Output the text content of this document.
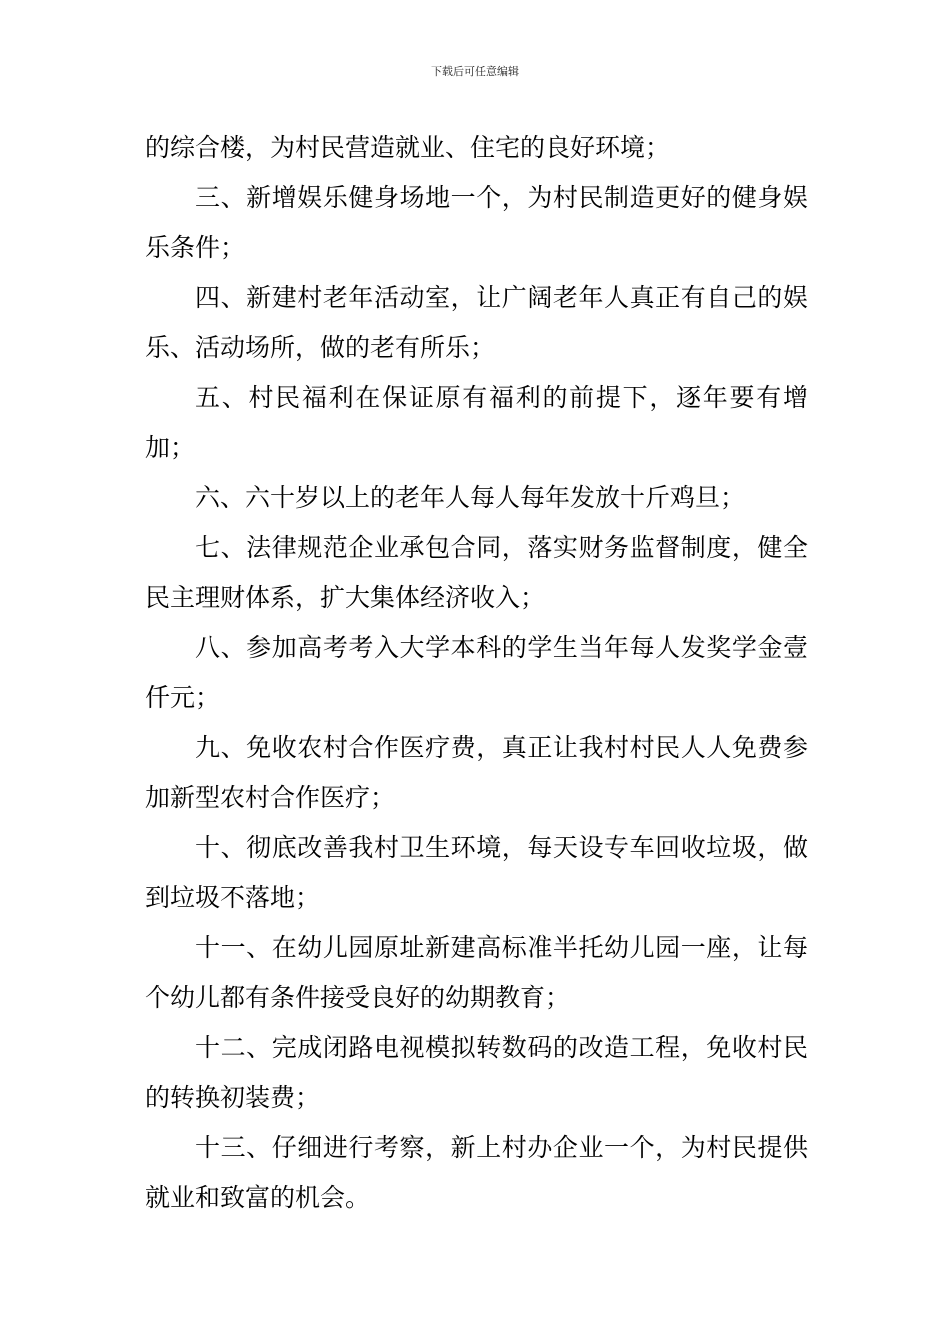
下载后可任意编辑

的综合楼，为村民营造就业、住宅的良好环境；

三、新增娱乐健身场地一个，为村民制造更好的健身娱乐条件；

四、新建村老年活动室，让广阔老年人真正有自己的娱乐、活动场所，做的老有所乐；

五、村民福利在保证原有福利的前提下，逐年要有增加；

六、六十岁以上的老年人每人每年发放十斤鸡旦；

七、法律规范企业承包合同，落实财务监督制度，健全民主理财体系，扩大集体经济收入；

八、参加高考考入大学本科的学生当年每人发奖学金壹仟元；

九、免收农村合作医疗费，真正让我村村民人人免费参加新型农村合作医疗；

十、彻底改善我村卫生环境，每天设专车回收垃圾，做到垃圾不落地；

十一、在幼儿园原址新建高标准半托幼儿园一座，让每个幼儿都有条件接受良好的幼期教育；

十二、完成闭路电视模拟转数码的改造工程，免收村民的转换初装费；

十三、仔细进行考察，新上村办企业一个，为村民提供就业和致富的机会。
